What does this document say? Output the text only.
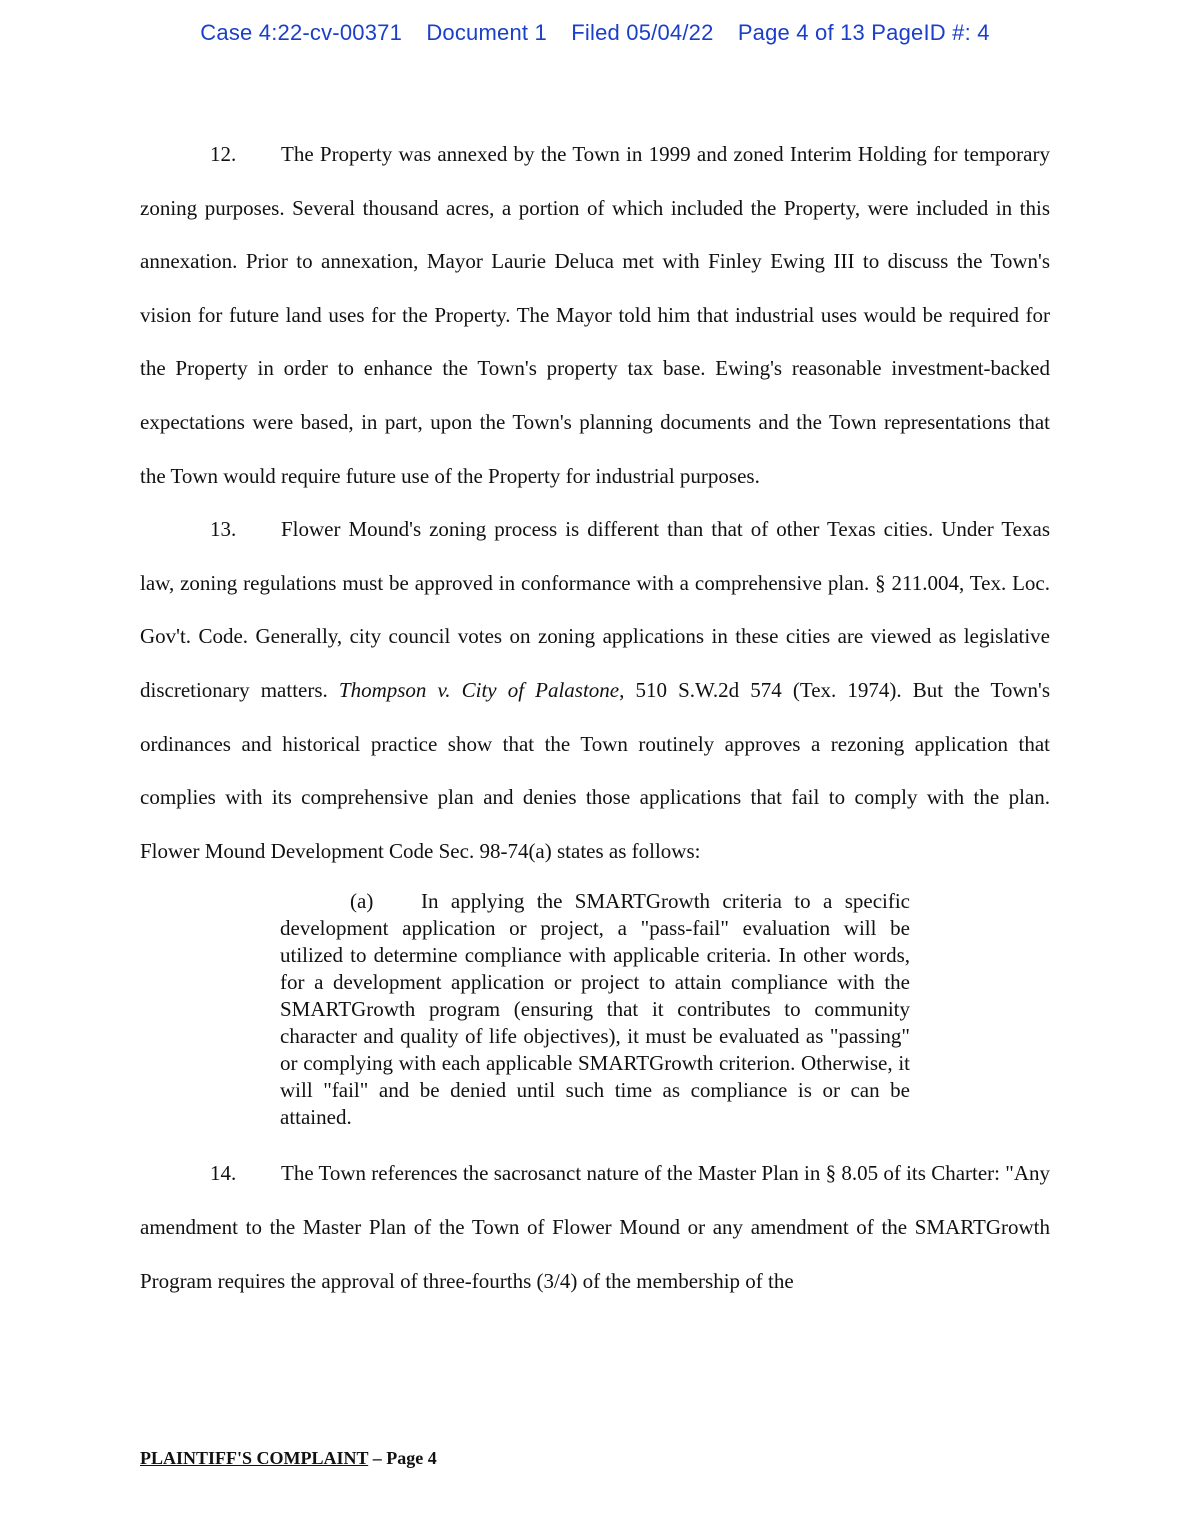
Case 4:22-cv-00371 Document 1 Filed 05/04/22 Page 4 of 13 PageID #: 4

12. The Property was annexed by the Town in 1999 and zoned Interim Holding for temporary zoning purposes. Several thousand acres, a portion of which included the Property, were included in this annexation. Prior to annexation, Mayor Laurie Deluca met with Finley Ewing III to discuss the Town's vision for future land uses for the Property. The Mayor told him that industrial uses would be required for the Property in order to enhance the Town's property tax base. Ewing's reasonable investment-backed expectations were based, in part, upon the Town's planning documents and the Town representations that the Town would require future use of the Property for industrial purposes.

13. Flower Mound's zoning process is different than that of other Texas cities. Under Texas law, zoning regulations must be approved in conformance with a comprehensive plan. § 211.004, Tex. Loc. Gov't. Code. Generally, city council votes on zoning applications in these cities are viewed as legislative discretionary matters. Thompson v. City of Palastone, 510 S.W.2d 574 (Tex. 1974). But the Town's ordinances and historical practice show that the Town routinely approves a rezoning application that complies with its comprehensive plan and denies those applications that fail to comply with the plan. Flower Mound Development Code Sec. 98-74(a) states as follows:

(a) In applying the SMARTGrowth criteria to a specific development application or project, a "pass-fail" evaluation will be utilized to determine compliance with applicable criteria. In other words, for a development application or project to attain compliance with the SMARTGrowth program (ensuring that it contributes to community character and quality of life objectives), it must be evaluated as "passing" or complying with each applicable SMARTGrowth criterion. Otherwise, it will "fail" and be denied until such time as compliance is or can be attained.

14. The Town references the sacrosanct nature of the Master Plan in § 8.05 of its Charter: "Any amendment to the Master Plan of the Town of Flower Mound or any amendment of the SMARTGrowth Program requires the approval of three-fourths (3/4) of the membership of the

PLAINTIFF'S COMPLAINT – Page 4
